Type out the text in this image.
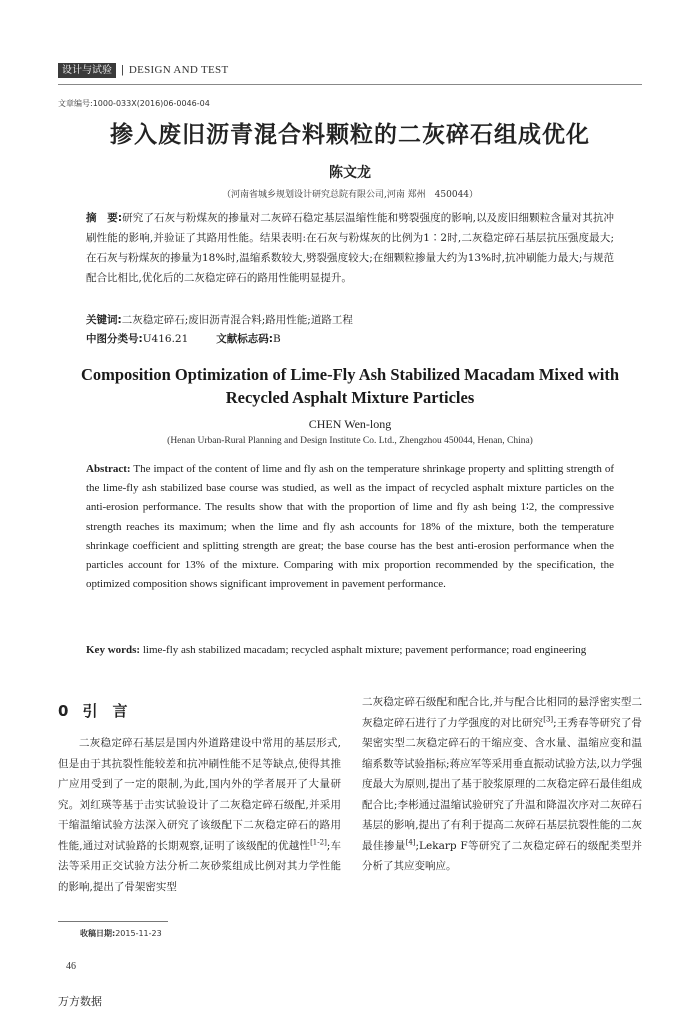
设计与试验 | DESIGN AND TEST
文章编号:1000-033X(2016)06-0046-04
掺入废旧沥青混合料颗粒的二灰碎石组成优化
陈文龙
（河南省城乡规划设计研究总院有限公司,河南 郑州　450044）
摘　要:研究了石灰与粉煤灰的掺量对二灰碎石稳定基层温缩性能和劈裂强度的影响,以及废旧细颗粒含量对其抗冲刷性能的影响,并验证了其路用性能。结果表明:在石灰与粉煤灰的比例为1∶2时,二灰稳定碎石基层抗压强度最大;在石灰与粉煤灰的掺量为18%时,温缩系数较大,劈裂强度较大;在细颗粒掺量大约为13%时,抗冲刷能力最大;与规范配合比相比,优化后的二灰稳定碎石的路用性能明显提升。
关键词:二灰稳定碎石;废旧沥青混合料;路用性能;道路工程
中图分类号:U416.21	文献标志码:B
Composition Optimization of Lime-Fly Ash Stabilized Macadam Mixed with Recycled Asphalt Mixture Particles
CHEN Wen-long
(Henan Urban-Rural Planning and Design Institute Co. Ltd., Zhengzhou 450044, Henan, China)
Abstract: The impact of the content of lime and fly ash on the temperature shrinkage property and splitting strength of the lime-fly ash stabilized base course was studied, as well as the impact of recycled asphalt mixture particles on the anti-erosion performance. The results show that with the proportion of lime and fly ash being 1∶2, the compressive strength reaches its maximum; when the lime and fly ash accounts for 18% of the mixture, both the temperature shrinkage coefficient and splitting strength are great; the base course has the best anti-erosion performance when the particles account for 13% of the mixture. Comparing with mix proportion recommended by the specification, the optimized composition shows significant improvement in pavement performance.
Key words: lime-fly ash stabilized macadam; recycled asphalt mixture; pavement performance; road engineering
0 引　言
二灰稳定碎石基层是国内外道路建设中常用的基层形式,但是由于其抗裂性能较差和抗冲刷性能不足等缺点,使得其推广应用受到了一定的限制,为此,国内外的学者展开了大量研究。刘红瑛等基于击实试验设计了二灰稳定碎石级配,并采用干缩温缩试验方法深入研究了该级配下二灰稳定碎石的路用性能,通过对试验路的长期观察,证明了该级配的优越性[1-2];车法等采用正交试验方法分析二灰砂浆组成比例对其力学性能的影响,提出了骨架密实型
二灰稳定碎石级配和配合比,并与配合比相同的悬浮密实型二灰稳定碎石进行了力学强度的对比研究[3];王秀春等研究了骨架密实型二灰稳定碎石的干缩应变、含水量、温缩应变和温缩系数等试验指标;蒋应军等采用垂直振动试验方法,以力学强度最大为原则,提出了基于胶浆原理的二灰稳定碎石最佳组成配合比;李彬通过温缩试验研究了升温和降温次序对二灰碎石基层的影响,提出了有利于提高二灰碎石基层抗裂性能的二灰最佳掺量[4];Lekarp F等研究了二灰稳定碎石的级配类型并分析了其应变响应。
收稿日期:2015-11-23
46
万方数据
